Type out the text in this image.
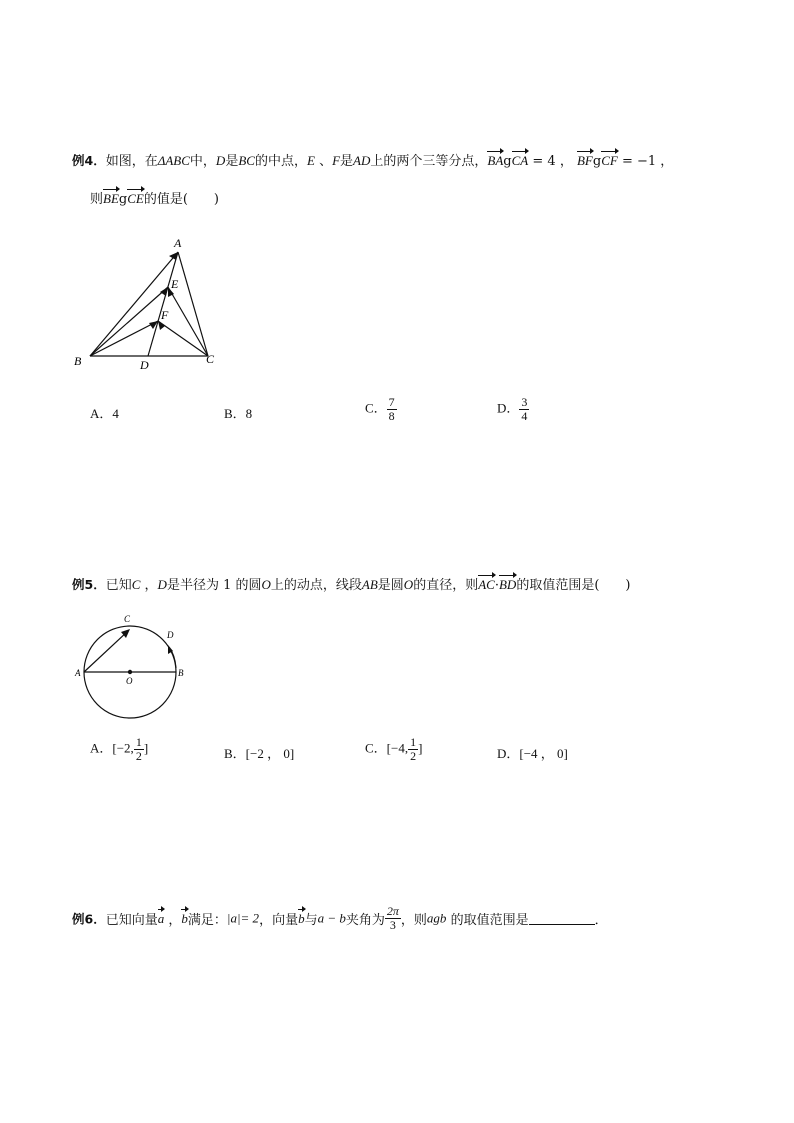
例4．如图，在ΔABC中，D是BC的中点，E 、F是AD上的两个三等分点，BAgCA = 4 ， BFgCF = −1 ，
则BEgCE的值是(　　)
A
E
F
B	D	C
A．4	B．8	C． $\frac{7}{8}$	D． $\frac{3}{4}$
例5．已知C ，D是半径为 1 的圆O上的动点，线段AB是圆O的直径，则AC·BD的取值范围是(　　)
C
D
A	B
O
A．[−2, $\frac{1}{2}$ ]	B．[−2 ， 0]	C．[−4, $\frac{1}{2}$ ]	D．[−4 ， 0]
例6．已知向量a ，b满足：|a|= 2，向量b与a − b夹角为 $\frac{2\pi}{3}$ ，则agb 的取值范围是	．
